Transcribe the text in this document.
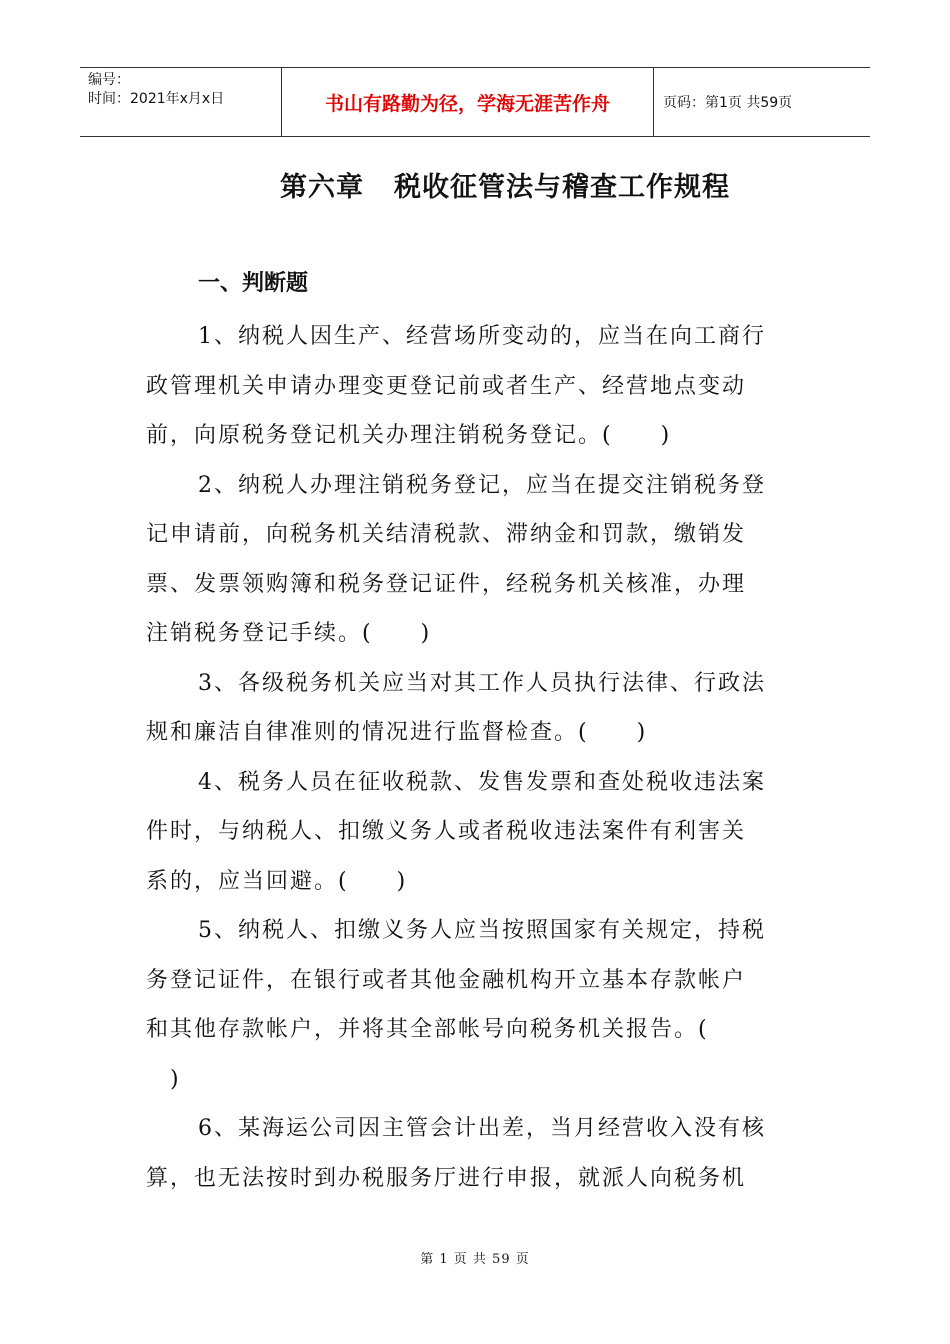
编号：
时间：2021年x月x日	书山有路勤为径，学海无涯苦作舟	页码：第1页 共59页
第六章 税收征管法与稽查工作规程
一、判断题

1、纳税人因生产、经营场所变动的，应当在向工商行
政管理机关申请办理变更登记前或者生产、经营地点变动
前，向原税务登记机关办理注销税务登记。(　　)

2、纳税人办理注销税务登记，应当在提交注销税务登
记申请前，向税务机关结清税款、滞纳金和罚款，缴销发
票、发票领购簿和税务登记证件，经税务机关核准，办理
注销税务登记手续。(　　)

3、各级税务机关应当对其工作人员执行法律、行政法
规和廉洁自律准则的情况进行监督检查。(　　)

4、税务人员在征收税款、发售发票和查处税收违法案
件时，与纳税人、扣缴义务人或者税收违法案件有利害关
系的，应当回避。(　　)

5、纳税人、扣缴义务人应当按照国家有关规定，持税
务登记证件，在银行或者其他金融机构开立基本存款帐户
和其他存款帐户，并将其全部帐号向税务机关报告。(
　)

6、某海运公司因主管会计出差，当月经营收入没有核
算，也无法按时到办税服务厅进行申报，就派人向税务机

第 1 页 共 59 页
